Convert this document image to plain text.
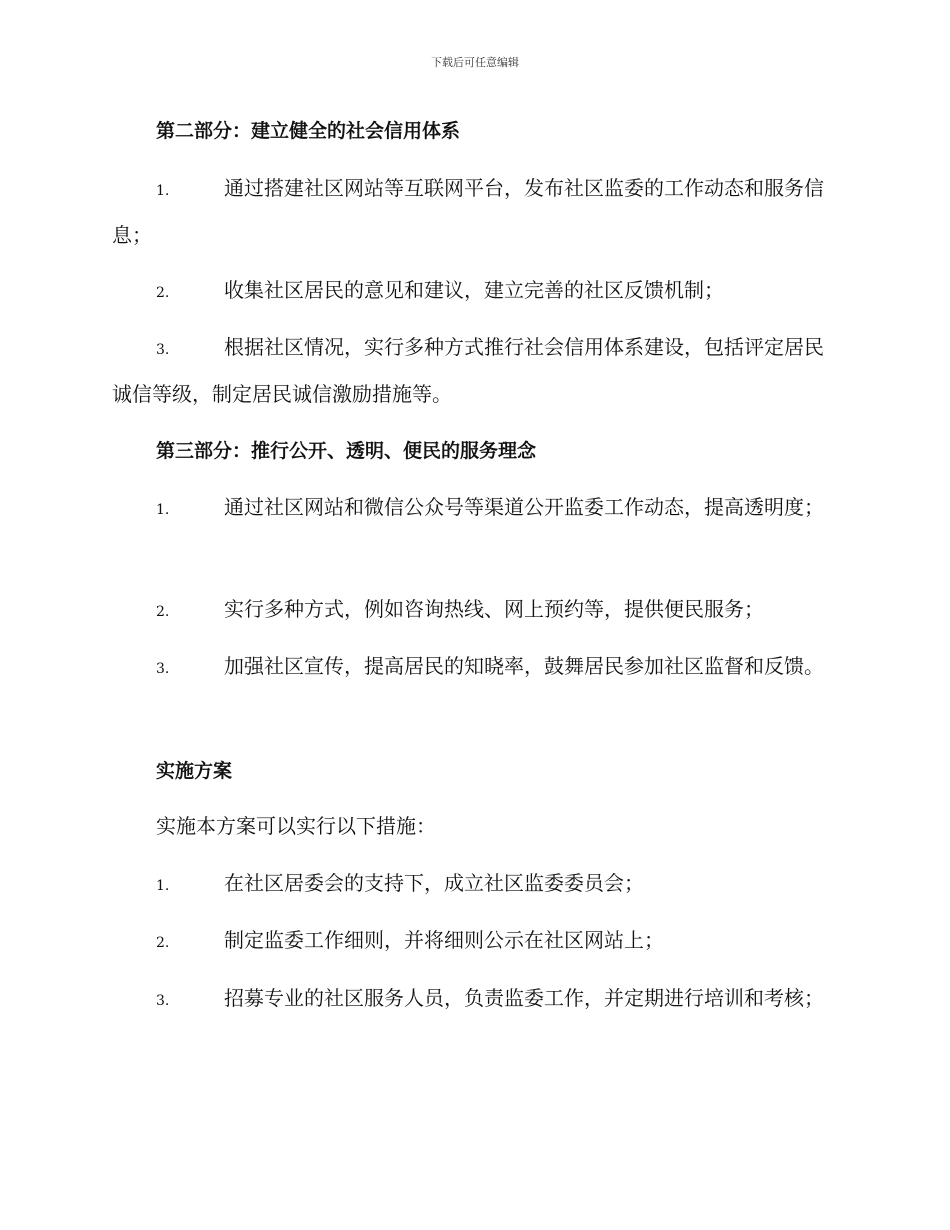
下载后可任意编辑
第二部分：建立健全的社会信用体系
1.	通过搭建社区网站等互联网平台，发布社区监委的工作动态和服务信息；
2.	收集社区居民的意见和建议，建立完善的社区反馈机制；
3.	根据社区情况，实行多种方式推行社会信用体系建设，包括评定居民诚信等级，制定居民诚信激励措施等。
第三部分：推行公开、透明、便民的服务理念
1.	通过社区网站和微信公众号等渠道公开监委工作动态，提高透明度；
2.	实行多种方式，例如咨询热线、网上预约等，提供便民服务；
3.	加强社区宣传，提高居民的知晓率，鼓舞居民参加社区监督和反馈。
实施方案
实施本方案可以实行以下措施：
1.	在社区居委会的支持下，成立社区监委委员会；
2.	制定监委工作细则，并将细则公示在社区网站上；
3.	招募专业的社区服务人员，负责监委工作，并定期进行培训和考核；
